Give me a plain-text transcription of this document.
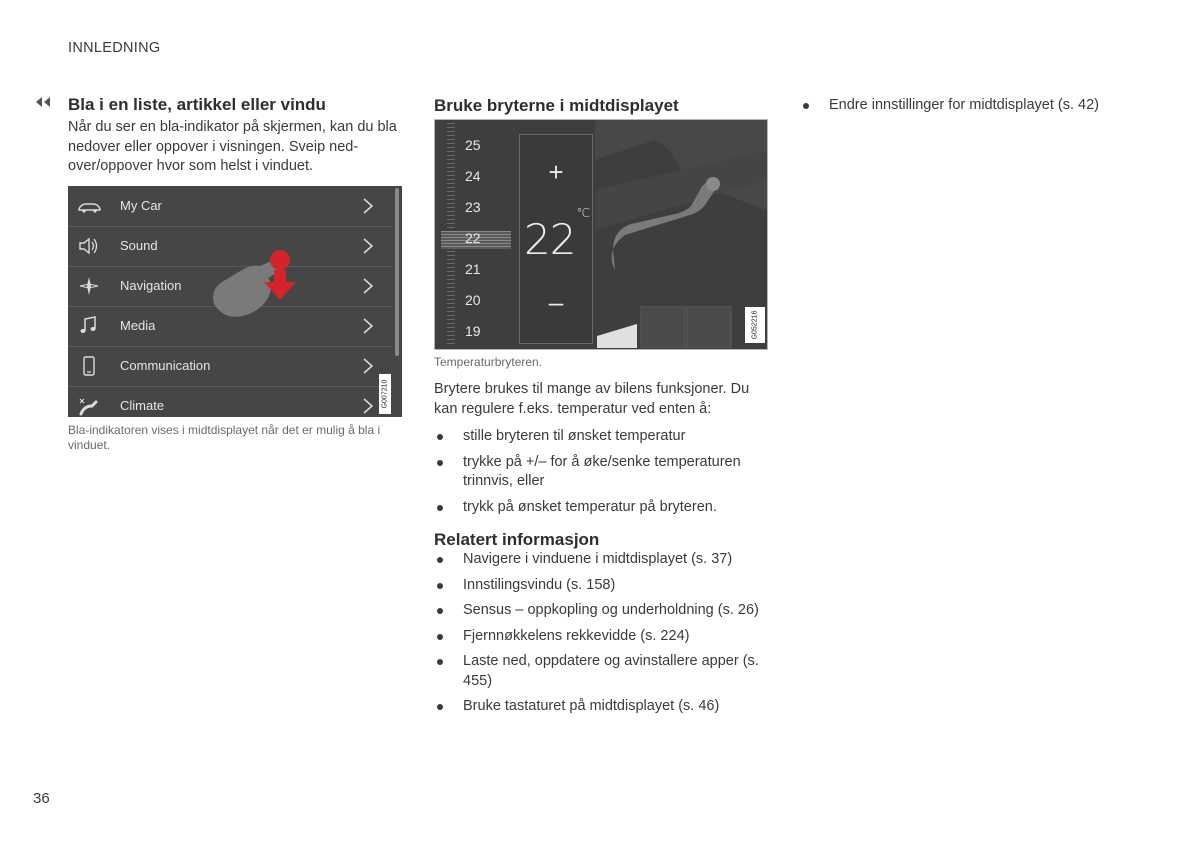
INNLEDNING
Bla i en liste, artikkel eller vindu
Når du ser en bla-indikator på skjermen, kan du bla nedover eller oppover i visningen. Sveip ned-over/oppover hvor som helst i vinduet.
My Car
Sound
Navigation
Media
Communication
Climate	G007210
Bla-indikatoren vises i midtdisplayet når det er mulig å bla i vinduet.
Bruke bryterne i midtdisplayet
25
24
23
22
21
20
19
+
$22^{^\circ C}$
–
G052216
Temperaturbryteren.
Brytere brukes til mange av bilens funksjoner. Du kan regulere f.eks. temperatur ved enten å:
stille bryteren til ønsket temperatur
trykke på +/– for å øke/senke temperaturen trinnvis, eller
trykk på ønsket temperatur på bryteren.
Relatert informasjon
Navigere i vinduene i midtdisplayet (s. 37)
Innstilingsvindu (s. 158)
Sensus – oppkopling og underholdning (s. 26)
Fjernnøkkelens rekkevidde (s. 224)
Laste ned, oppdatere og avinstallere apper (s. 455)
Bruke tastaturet på midtdisplayet (s. 46)
Endre innstillinger for midtdisplayet (s. 42)
36
